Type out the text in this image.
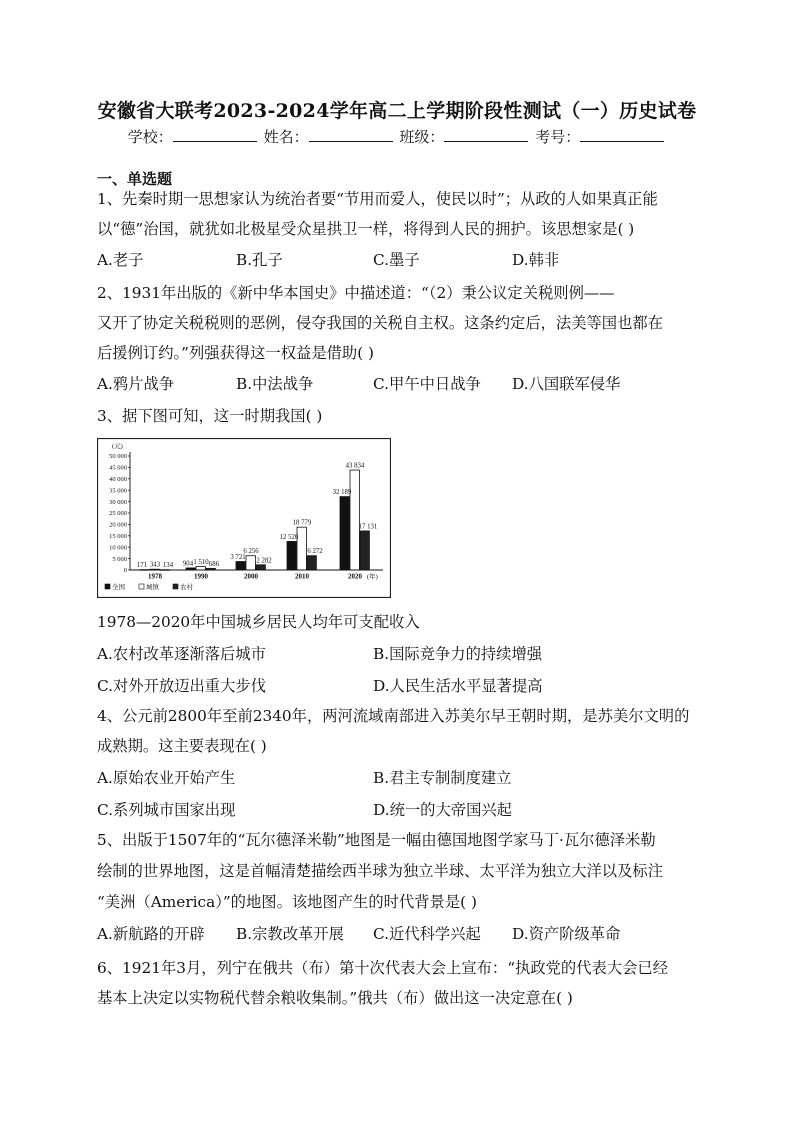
安徽省大联考2023-2024学年高二上学期阶段性测试（一）历史试卷
学校：	姓名：	班级：	考号：
一、单选题
1、先秦时期一思想家认为统治者要“节用而爱人，使民以时”；从政的人如果真正能
以“德”治国，就犹如北极星受众星拱卫一样，将得到人民的拥护。该思想家是( )
A.老子	B.孔子	C.墨子	D.韩非
2、1931年出版的《新中华本国史》中描述道：“（2）秉公议定关税则例——
又开了协定关税税则的恶例，侵夺我国的关税自主权。这条约定后，法美等国也都在
后援例订约。”列强获得这一权益是借助( )
A.鸦片战争	B.中法战争	C.甲午中日战争 D.八国联军侵华
3、据下图可知，这一时期我国( )
(元)
0
5 000
10 000
15 000
20 000
25 000
30 000
35 000
40 000
45 000
50 000
171 343 134 904 1 510 686
3 721
6 256
2 282
12 520
18 779
6 272
32 189
43 834
17 131
1978	1990	2000	2010	2020 (年)
全国	城镇	农村
1978—2020年中国城乡居民人均年可支配收入
A.农村改革逐渐落后城市	B.国际竞争力的持续增强
C.对外开放迈出重大步伐	D.人民生活水平显著提高
4、公元前2800年至前2340年，两河流域南部进入苏美尔早王朝时期，是苏美尔文明的
成熟期。这主要表现在( )
A.原始农业开始产生	B.君主专制制度建立
C.系列城市国家出现	D.统一的大帝国兴起
5、出版于1507年的“瓦尔德泽米勒”地图是一幅由德国地图学家马丁·瓦尔德泽米勒
绘制的世界地图，这是首幅清楚描绘西半球为独立半球、太平洋为独立大洋以及标注
“美洲（America）”的地图。该地图产生的时代背景是( )
A.新航路的开辟 B.宗教改革开展 C.近代科学兴起 D.资产阶级革命
6、1921年3月，列宁在俄共（布）第十次代表大会上宣布：“执政党的代表大会已经
基本上决定以实物税代替余粮收集制。”俄共（布）做出这一决定意在( )
